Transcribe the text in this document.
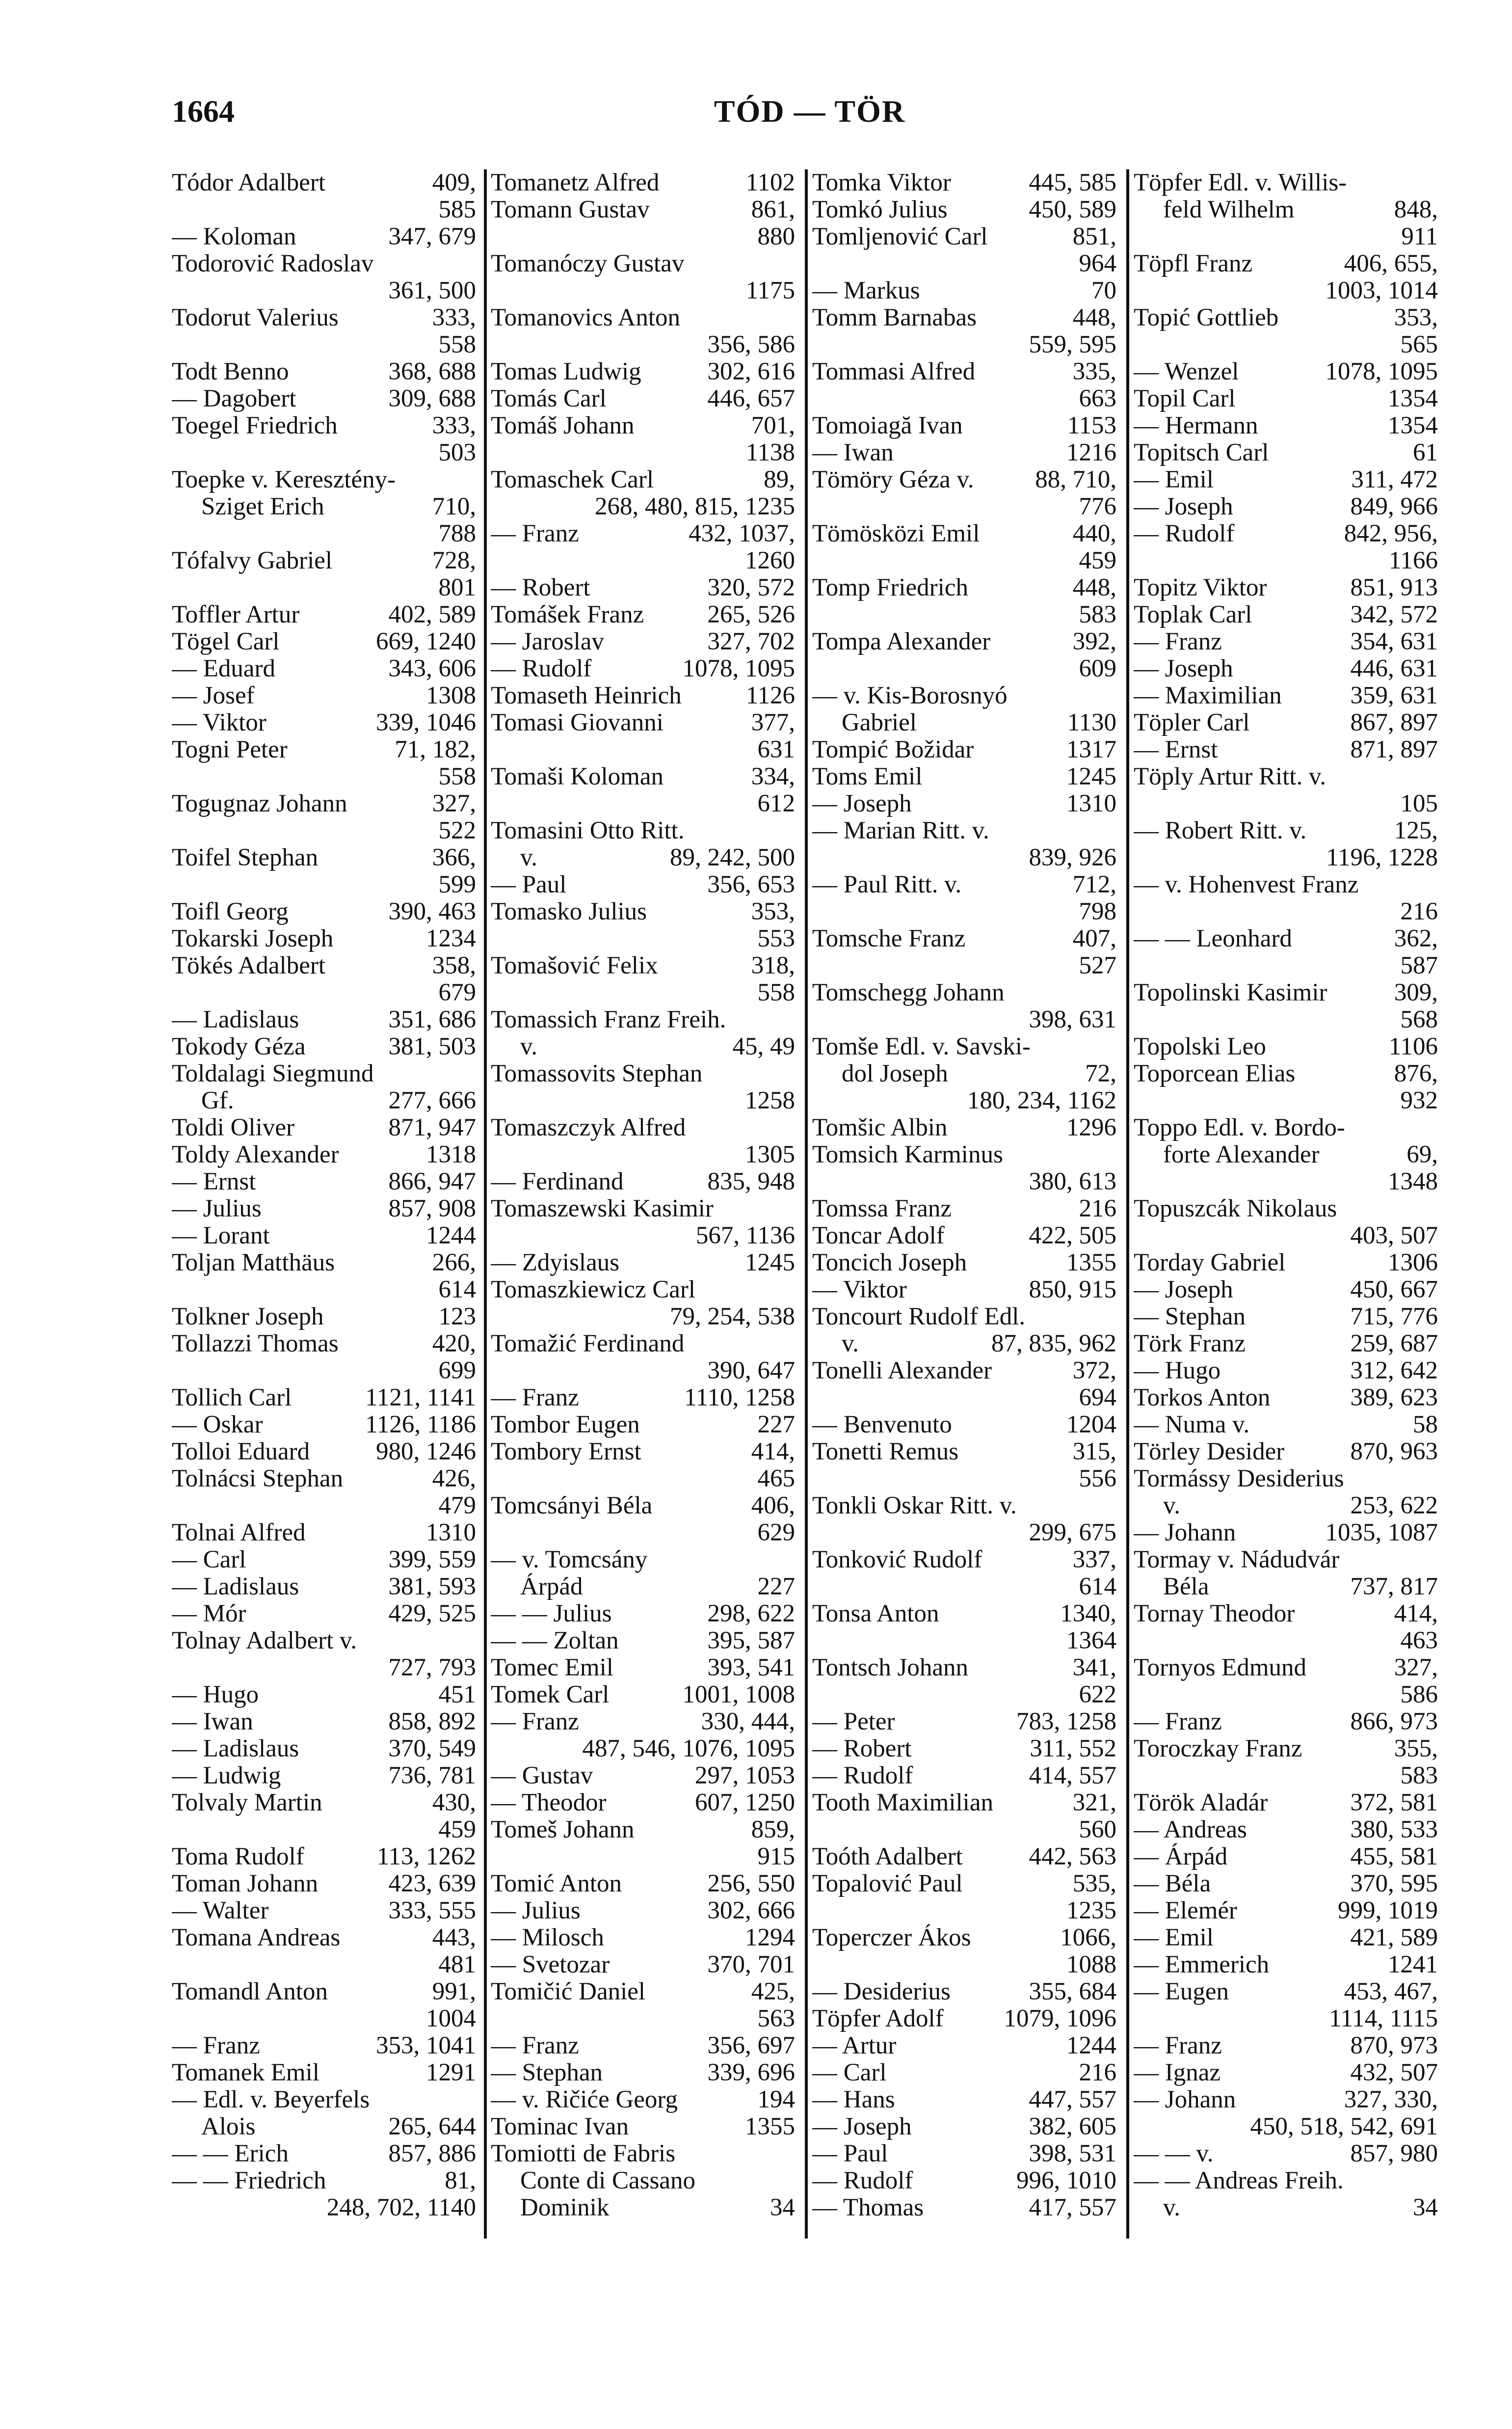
1664	TÓD — TÖR
Tódor Adalbert	409,
585
— Koloman	347, 679
Todorović Radoslav
361, 500
Todorut Valerius	333,
558
Todt Benno	368, 688
— Dagobert	309, 688
Toegel Friedrich	333,
503
Toepke v. Keresztény-
Sziget Erich	710,
788
Tófalvy Gabriel	728,
801
Toffler Artur	402, 589
Tögel Carl	669, 1240
— Eduard	343, 606
— Josef	1308
— Viktor	339, 1046
Togni Peter	71, 182,
558
Togugnaz Johann	327,
522
Toifel Stephan	366,
599
Toifl Georg	390, 463
Tokarski Joseph	1234
Tökés Adalbert	358,
679
— Ladislaus	351, 686
Tokody Géza	381, 503
Toldalagi Siegmund
Gf.	277, 666
Toldi Oliver	871, 947
Toldy Alexander	1318
— Ernst	866, 947
— Julius	857, 908
— Lorant	1244
Toljan Matthäus	266,
614
Tolkner Joseph	123
Tollazzi Thomas	420,
699
Tollich Carl	1121, 1141
— Oskar	1126, 1186
Tolloi Eduard	980, 1246
Tolnácsi Stephan	426,
479
Tolnai Alfred	1310
— Carl	399, 559
— Ladislaus	381, 593
— Mór	429, 525
Tolnay Adalbert v.
727, 793
— Hugo	451
— Iwan	858, 892
— Ladislaus	370, 549
— Ludwig	736, 781
Tolvaly Martin	430,
459
Toma Rudolf	113, 1262
Toman Johann	423, 639
— Walter	333, 555
Tomana Andreas	443,
481
Tomandl Anton	991,
1004
— Franz	353, 1041
Tomanek Emil	1291
— Edl. v. Beyerfels
Alois	265, 644
— — Erich	857, 886
— — Friedrich	81,
248, 702, 1140
Tomanetz Alfred	1102
Tomann Gustav	861,
880
Tomanóczy Gustav
1175
Tomanovics Anton
356, 586
Tomas Ludwig	302, 616
Tomás Carl	446, 657
Tomáš Johann	701,
1138
Tomaschek Carl	89,
268, 480, 815, 1235
— Franz	432, 1037,
1260
— Robert	320, 572
Tomášek Franz	265, 526
— Jaroslav	327, 702
— Rudolf	1078, 1095
Tomaseth Heinrich	1126
Tomasi Giovanni	377,
631
Tomaši Koloman	334,
612
Tomasini Otto Ritt.
v.	89, 242, 500
— Paul	356, 653
Tomasko Julius	353,
553
Tomašović Felix	318,
558
Tomassich Franz Freih.
v.	45, 49
Tomassovits Stephan
1258
Tomaszczyk Alfred
1305
— Ferdinand	835, 948
Tomaszewski Kasimir
567, 1136
— Zdyislaus	1245
Tomaszkiewicz Carl
79, 254, 538
Tomažić Ferdinand
390, 647
— Franz	1110, 1258
Tombor Eugen	227
Tombory Ernst	414,
465
Tomcsányi Béla	406,
629
— v. Tomcsány
Árpád	227
— — Julius	298, 622
— — Zoltan	395, 587
Tomec Emil	393, 541
Tomek Carl	1001, 1008
— Franz	330, 444,
487, 546, 1076, 1095
— Gustav	297, 1053
— Theodor	607, 1250
Tomeš Johann	859,
915
Tomić Anton	256, 550
— Julius	302, 666
— Milosch	1294
— Svetozar	370, 701
Tomičić Daniel	425,
563
— Franz	356, 697
— Stephan	339, 696
— v. Ričiće Georg	194
Tominac Ivan	1355
Tomiotti de Fabris
Conte di Cassano
Dominik	34
Tomka Viktor	445, 585
Tomkó Julius	450, 589
Tomljenović Carl	851,
964
— Markus	70
Tomm Barnabas	448,
559, 595
Tommasi Alfred	335,
663
Tomoiagă Ivan	1153
— Iwan	1216
Tömöry Géza v. 88, 710,
776
Tömösközi Emil	440,
459
Tomp Friedrich	448,
583
Tompa Alexander	392,
609
— v. Kis-Borosnyó
Gabriel	1130
Tompić Božidar	1317
Toms Emil	1245
— Joseph	1310
— Marian Ritt. v.
839, 926
— Paul Ritt. v.	712,
798
Tomsche Franz	407,
527
Tomschegg Johann
398, 631
Tomše Edl. v. Savski-
dol Joseph	72,
180, 234, 1162
Tomšic Albin	1296
Tomsich Karminus
380, 613
Tomssa Franz	216
Toncar Adolf	422, 505
Toncich Joseph	1355
— Viktor	850, 915
Toncourt Rudolf Edl.
v.	87, 835, 962
Tonelli Alexander	372,
694
— Benvenuto	1204
Tonetti Remus	315,
556
Tonkli Oskar Ritt. v.
299, 675
Tonković Rudolf	337,
614
Tonsa Anton	1340,
1364
Tontsch Johann	341,
622
— Peter	783, 1258
— Robert	311, 552
— Rudolf	414, 557
Tooth Maximilian	321,
560
Toóth Adalbert	442, 563
Topalović Paul	535,
1235
Toperczer Ákos	1066,
1088
— Desiderius	355, 684
Töpfer Adolf 1079, 1096
— Artur	1244
— Carl	216
— Hans	447, 557
— Joseph	382, 605
— Paul	398, 531
— Rudolf	996, 1010
— Thomas	417, 557
Töpfer Edl. v. Willis-
feld Wilhelm	848,
911
Töpfl Franz	406, 655,
1003, 1014
Topić Gottlieb	353,
565
— Wenzel	1078, 1095
Topil Carl	1354
— Hermann	1354
Topitsch Carl	61
— Emil	311, 472
— Joseph	849, 966
— Rudolf	842, 956,
1166
Topitz Viktor	851, 913
Toplak Carl	342, 572
— Franz	354, 631
— Joseph	446, 631
— Maximilian	359, 631
Töpler Carl	867, 897
— Ernst	871, 897
Töply Artur Ritt. v.
105
— Robert Ritt. v.	125,
1196, 1228
— v. Hohenvest Franz
216
— — Leonhard	362,
587
Topolinski Kasimir	309,
568
Topolski Leo	1106
Toporcean Elias	876,
932
Toppo Edl. v. Bordo-
forte Alexander	69,
1348
Topuszcák Nikolaus
403, 507
Torday Gabriel	1306
— Joseph	450, 667
— Stephan	715, 776
Törk Franz	259, 687
— Hugo	312, 642
Torkos Anton	389, 623
— Numa v.	58
Törley Desider	870, 963
Tormássy Desiderius
v.	253, 622
— Johann	1035, 1087
Tormay v. Nádudvár
Béla	737, 817
Tornay Theodor	414,
463
Tornyos Edmund	327,
586
— Franz	866, 973
Toroczkay Franz	355,
583
Török Aladár	372, 581
— Andreas	380, 533
— Árpád	455, 581
— Béla	370, 595
— Elemér	999, 1019
— Emil	421, 589
— Emmerich	1241
— Eugen	453, 467,
1114, 1115
— Franz	870, 973
— Ignaz	432, 507
— Johann	327, 330,
450, 518, 542, 691
— — v.	857, 980
— — Andreas Freih.
v.	34
